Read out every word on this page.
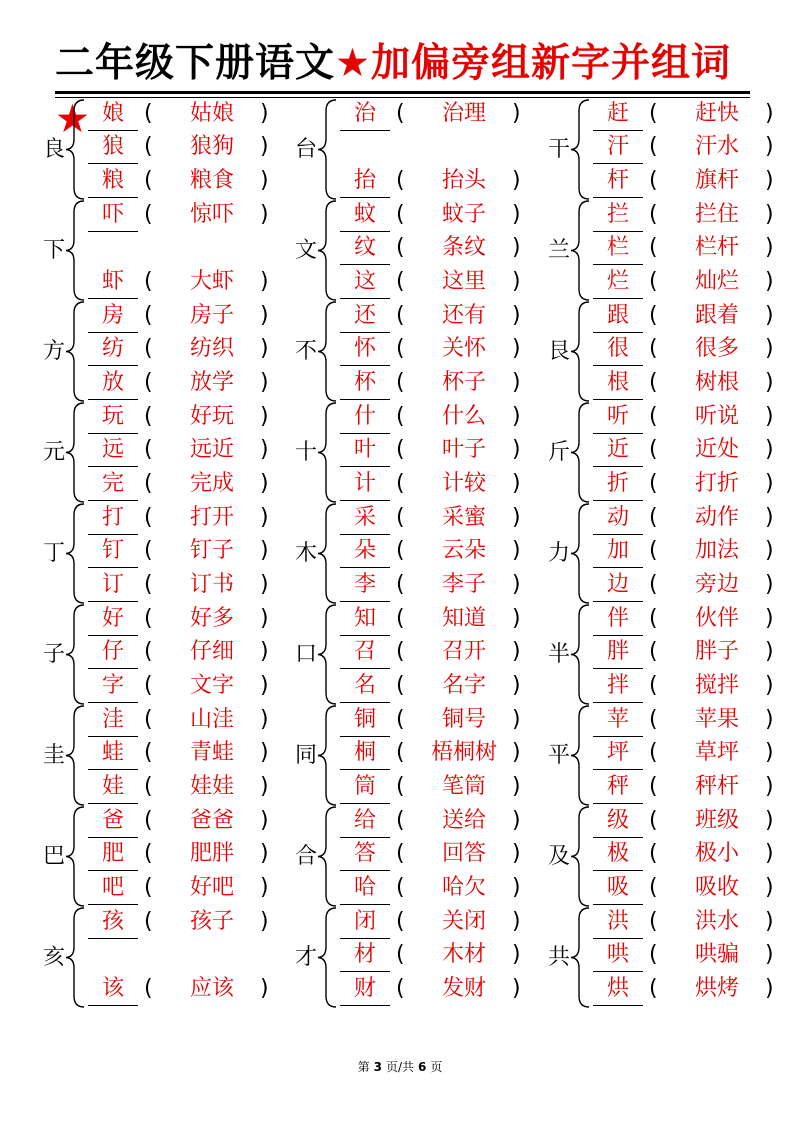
二年级下册语文★加偏旁组新字并组词★
良
娘 (	姑娘	)
狼 (	狼狗	)
粮 (	粮食	)
台
治 (	治理	)
抬 (	抬头	)
干
赶 (	赶快	)
汗 (	汗水	)
杆 (	旗杆	)
下
吓 (	惊吓	)
虾 (	大虾	)
文
蚊 (	蚊子	)
纹 (	条纹	)
这 (	这里	)
兰
拦 (	拦住	)
栏 (	栏杆	)
烂 (	灿烂	)
方
房 (	房子	)
纺 (	纺织	)
放 (	放学	)
不
还 (	还有	)
怀 (	关怀	)
杯 (	杯子	)
艮
跟 (	跟着	)
很 (	很多	)
根 (	树根	)
元
玩 (	好玩	)
远 (	远近	)
完 (	完成	)
十
什 (	什么	)
叶 (	叶子	)
计 (	计较	)
斤
听 (	听说	)
近 (	近处	)
折 (	打折	)
丁
打 (	打开	)
钉 (	钉子	)
订 (	订书	)
木
采 (	采蜜	)
朵 (	云朵	)
李 (	李子	)
力
动 (	动作	)
加 (	加法	)
边 (	旁边	)
子
好 (	好多	)
仔 (	仔细	)
字 (	文字	)
口
知 (	知道	)
召 (	召开	)
名 (	名字	)
半
伴 (	伙伴	)
胖 (	胖子	)
拌 (	搅拌	)
圭
洼 (	山洼	)
蛙 (	青蛙	)
娃 (	娃娃	)
同
铜 (	铜号	)
桐 (	梧桐树 )
筒 (	笔筒	)
平
苹 (	苹果	)
坪 (	草坪	)
秤 (	秤杆	)
巴
爸 (	爸爸	)
肥 (	肥胖	)
吧 (	好吧	)
合
给 (	送给	)
答 (	回答	)
哈 (	哈欠	)
及
级 (	班级	)
极 (	极小	)
吸 (	吸收	)
亥
孩 (	孩子	)
该 (	应该	)
才
闭 (	关闭	)
材 (	木材	)
财 (	发财	)
共
洪 (	洪水	)
哄 (	哄骗	)
烘 (	烘烤	)
第 3 页/共 6 页
